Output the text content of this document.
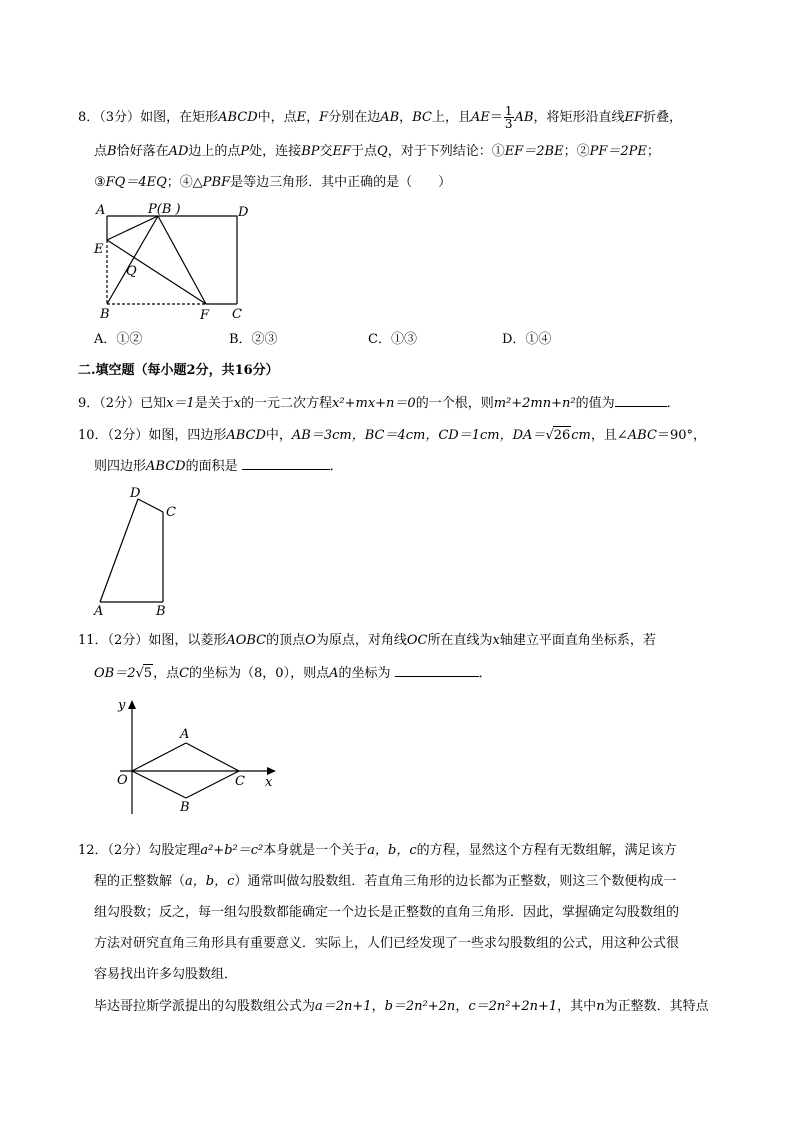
8．（3分）如图，在矩形ABCD中，点E，F分别在边AB，BC上，且$AE= \frac{1}{3}$ AB，将矩形沿直线EF折叠，
点B恰好落在AD边上的点P处，连接BP交EF于点Q，对于下列结论：①EF＝2BE；②PF＝2PE；
③FQ＝4EQ；④△PBF是等边三角形．其中正确的是（　　）
A	P(B )	D
E
Q
B	F C
A．①②	B．②③	C．①③	D．①④
二.填空题（每小题2分，共16分）
9．（2分）已知x＝1是关于x的一元二次方程x²+mx+n＝0的一个根，则m²+2mn+n²的值为	．
10．（2分）如图，四边形ABCD中，AB＝3cm，BC＝4cm，CD＝1cm，DA＝√26cm，且∠ABC＝90°，
则四边形ABCD的面积是	．
D
C
A	B
11．（2分）如图，以菱形AOBC的顶点O为原点，对角线OC所在直线为x轴建立平面直角坐标系，若
OB＝2√5，点C的坐标为（8，0），则点A的坐标为	．
y
A
O	C x
B
12．（2分）勾股定理a²+b²＝c²本身就是一个关于a，b，c的方程，显然这个方程有无数组解，满足该方
程的正整数解（a，b，c）通常叫做勾股数组．若直角三角形的边长都为正整数，则这三个数便构成一
组勾股数；反之，每一组勾股数都能确定一个边长是正整数的直角三角形．因此，掌握确定勾股数组的
方法对研究直角三角形具有重要意义．实际上，人们已经发现了一些求勾股数组的公式，用这种公式很
容易找出许多勾股数组．
毕达哥拉斯学派提出的勾股数组公式为a＝2n+1，b＝2n²+2n，c＝2n²+2n+1，其中n为正整数．其特点
